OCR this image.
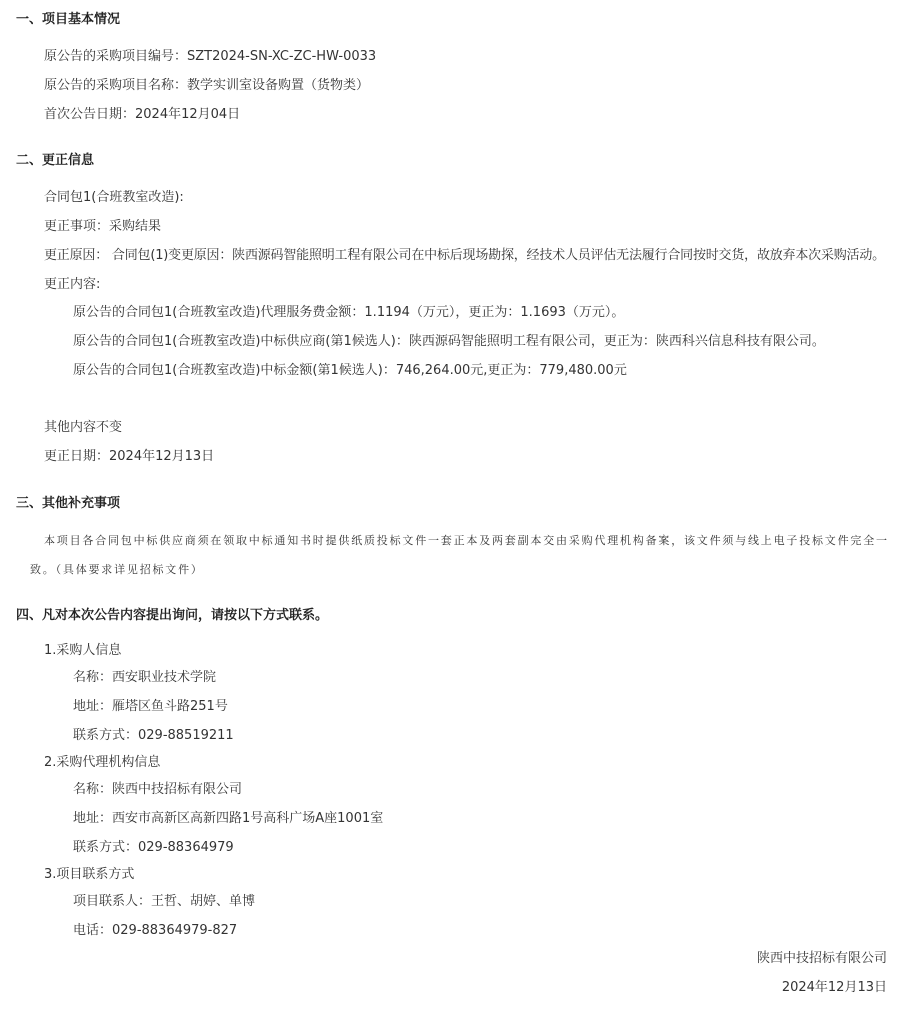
一、项目基本情况
原公告的采购项目编号：SZT2024-SN-XC-ZC-HW-0033
原公告的采购项目名称：教学实训室设备购置（货物类）
首次公告日期：2024年12月04日
二、更正信息
合同包1(合班教室改造):
更正事项：采购结果
更正原因： 合同包(1)变更原因：陕西源码智能照明工程有限公司在中标后现场勘探，经技术人员评估无法履行合同按时交货，故放弃本次采购活动。
更正内容:
原公告的合同包1(合班教室改造)代理服务费金额：1.1194（万元），更正为：1.1693（万元）。
原公告的合同包1(合班教室改造)中标供应商(第1候选人)：陕西源码智能照明工程有限公司，更正为：陕西科兴信息科技有限公司。
原公告的合同包1(合班教室改造)中标金额(第1候选人)：746,264.00元,更正为：779,480.00元
其他内容不变
更正日期：2024年12月13日
三、其他补充事项
本项目各合同包中标供应商须在领取中标通知书时提供纸质投标文件一套正本及两套副本交由采购代理机构备案，该文件须与线上电子投标文件完全一
致。（具体要求详见招标文件）
四、凡对本次公告内容提出询问，请按以下方式联系。
1.采购人信息
名称：西安职业技术学院
地址：雁塔区鱼斗路251号
联系方式：029-88519211
2.采购代理机构信息
名称：陕西中技招标有限公司
地址：西安市高新区高新四路1号高科广场A座1001室
联系方式：029-88364979
3.项目联系方式
项目联系人：王哲、胡婷、单博
电话：029-88364979-827
陕西中技招标有限公司
2024年12月13日
